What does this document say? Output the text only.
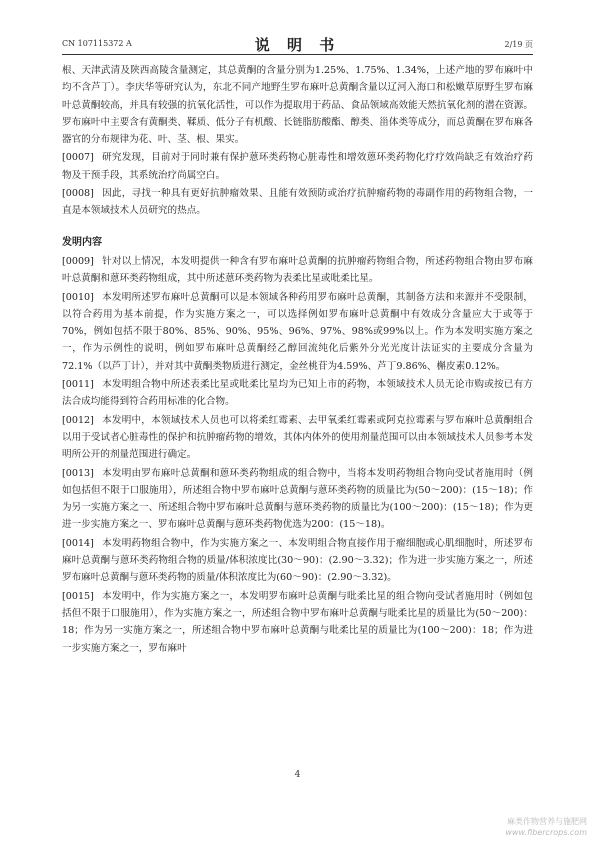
CN 107115372 A	说 明 书	2/19 页

根、天津武清及陕西高陵含量测定，其总黄酮的含量分别为1.25%、1.75%、1.34%，上述产地的罗布麻叶中均不含芦丁）。李庆华等研究认为，东北不同产地野生罗布麻叶总黄酮含量以辽河入海口和松嫩草原野生罗布麻叶总黄酮较高，并具有较强的抗氧化活性，可以作为提取用于药品、食品领域高效能天然抗氧化剂的潜在资源。罗布麻叶中主要含有黄酮类、鞣质、低分子有机酸、长链脂肪酸酯、醇类、甾体类等成分，而总黄酮在罗布麻各器官的分布规律为花、叶、茎、根、果实。

[0007] 研究发现，目前对于同时兼有保护蒽环类药物心脏毒性和增效蒽环类药物化疗疗效尚缺乏有效治疗药物及干预手段，其系统治疗尚属空白。

[0008] 因此，寻找一种具有更好抗肿瘤效果、且能有效预防或治疗抗肿瘤药物的毒副作用的药物组合物，一直是本领域技术人员研究的热点。

发明内容

[0009] 针对以上情况，本发明提供一种含有罗布麻叶总黄酮的抗肿瘤药物组合物，所述药物组合物由罗布麻叶总黄酮和蒽环类药物组成，其中所述蒽环类药物为表柔比星或吡柔比星。

[0010] 本发明所述罗布麻叶总黄酮可以是本领域各种药用罗布麻叶总黄酮，其制备方法和来源并不受限制，以符合药用为基本前提，作为实施方案之一，可以选择例如罗布麻叶总黄酮中有效成分含量应大于或等于70%，例如包括不限于80%、85%、90%、95%、96%、97%、98%或99%以上。作为本发明实施方案之一，作为示例性的说明，例如罗布麻叶总黄酮经乙醇回流纯化后紫外分光光度计法证实的主要成分含量为72.1%（以芦丁计），并对其中黄酮类物质进行测定，金丝桃苷为4.59%、芦丁9.86%、槲皮素0.12%。

[0011] 本发明组合物中所述表柔比星或吡柔比星均为已知上市的药物，本领域技术人员无论市购或按已有方法合成均能得到符合药用标准的化合物。

[0012] 本发明中，本领域技术人员也可以将柔红霉素、去甲氧柔红霉素或阿克拉霉素与罗布麻叶总黄酮组合以用于受试者心脏毒性的保护和抗肿瘤药物的增效，其体内体外的使用剂量范围可以由本领域技术人员参考本发明所公开的剂量范围进行确定。

[0013] 本发明由罗布麻叶总黄酮和蒽环类药物组成的组合物中，当将本发明药物组合物向受试者施用时（例如包括但不限于口服施用），所述组合物中罗布麻叶总黄酮与蒽环类药物的质量比为(50～200)：(15～18)；作为另一实施方案之一、所述组合物中罗布麻叶总黄酮与蒽环类药物的质量比为(100～200)：(15～18)；作为更进一步实施方案之一、罗布麻叶总黄酮与蒽环类药物优选为200：(15～18)。

[0014] 本发明药物组合物中，作为实施方案之一、本发明组合物直接作用于瘤细胞或心肌细胞时，所述罗布麻叶总黄酮与蒽环类药物组合物的质量/体积浓度比(30～90)：(2.90～3.32)；作为进一步实施方案之一，所述罗布麻叶总黄酮与蒽环类药物的质量/体积浓度比为(60～90)：(2.90～3.32)。

[0015] 本发明中，作为实施方案之一，本发明罗布麻叶总黄酮与吡柔比星的组合物向受试者施用时（例如包括但不限于口服施用），作为实施方案之一，所述组合物中罗布麻叶总黄酮与吡柔比星的质量比为(50～200)：18；作为另一实施方案之一，所述组合物中罗布麻叶总黄酮与吡柔比星的质量比为(100～200)：18；作为进一步实施方案之一，罗布麻叶

4
麻类作物营养与施肥网
www.fibercrops.com
